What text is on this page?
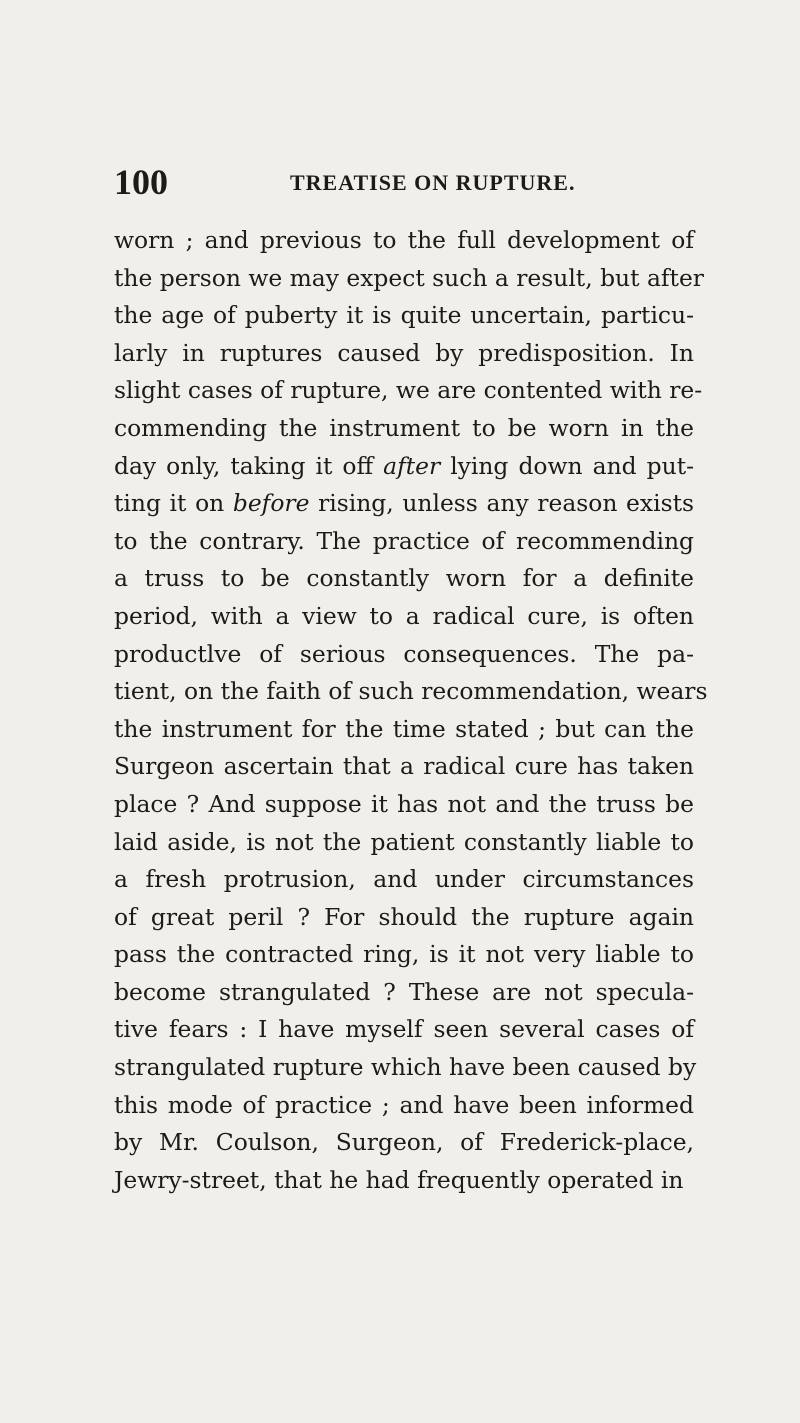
100	TREATISE ON RUPTURE.
worn ; and previous to the full development of
the person we may expect such a result, but after
the age of puberty it is quite uncertain, particu-
larly in ruptures caused by predisposition. In
slight cases of rupture, we are contented with re-
commending the instrument to be worn in the
day only, taking it off after lying down and put-
ting it on before rising, unless any reason exists
to the contrary. The practice of recommending
a truss to be constantly worn for a definite
period, with a view to a radical cure, is often
productlve of serious consequences. The pa-
tient, on the faith of such recommendation, wears
the instrument for the time stated ; but can the
Surgeon ascertain that a radical cure has taken
place ? And suppose it has not and the truss be
laid aside, is not the patient constantly liable to
a fresh protrusion, and under circumstances
of great peril ? For should the rupture again
pass the contracted ring, is it not very liable to
become strangulated ? These are not specula-
tive fears : I have myself seen several cases of
strangulated rupture which have been caused by
this mode of practice ; and have been informed
by Mr. Coulson, Surgeon, of Frederick-place,
Jewry-street, that he had frequently operated in
